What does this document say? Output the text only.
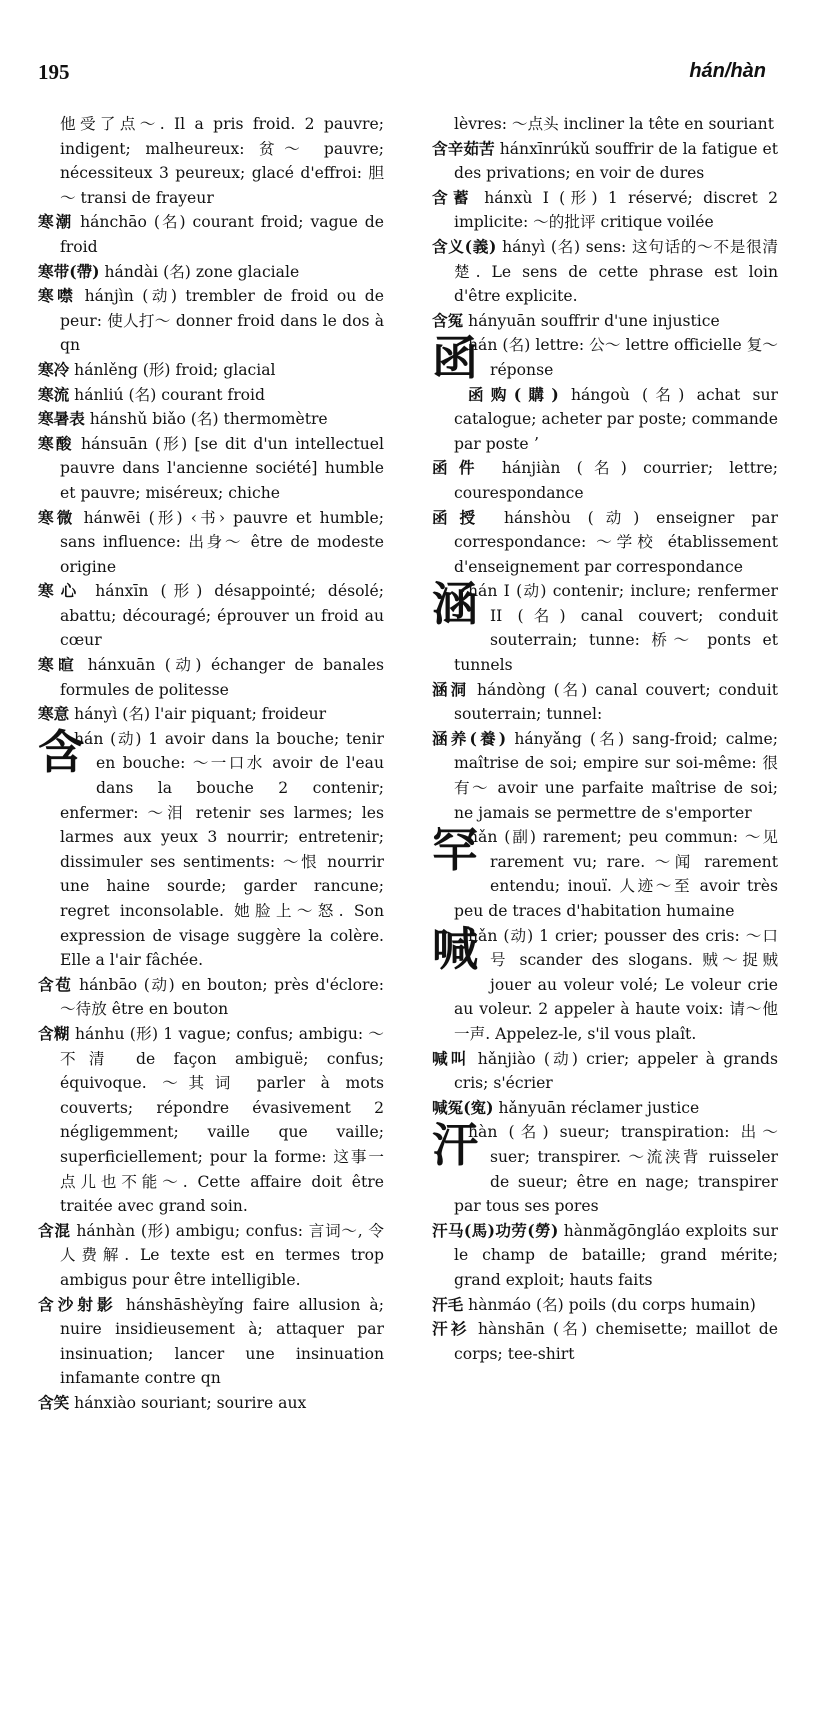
195	hán/hàn

他受了点～. Il a pris froid. 2 pauvre; indigent; malheureux: 贫～ pauvre; nécessiteux 3 peureux; glacé d'effroi: 胆～ transi de frayeur

寒潮 hánchāo (名) courant froid; vague de froid

寒带(帶) hándài (名) zone glaciale

寒噤 hánjìn (动) trembler de froid ou de peur: 使人打～ donner froid dans le dos à qn

寒冷 hánlěng (形) froid; glacial

寒流 hánliú (名) courant froid

寒暑表 hánshǔ biǎo (名) thermomètre

寒酸 hánsuān (形) [se dit d'un intellectuel pauvre dans l'ancienne société] humble et pauvre; miséreux; chiche

寒微 hánwēi (形) ‹书› pauvre et humble; sans influence: 出身～ être de modeste origine

寒心 hánxīn (形) désappointé; désolé; abattu; découragé; éprouver un froid au cœur

寒暄 hánxuān (动) échanger de banales formules de politesse

寒意 hányì (名) l'air piquant; froideur

含
hán (动) 1 avoir dans la bouche; tenir en bouche: ～一口水 avoir de l'eau dans la bouche 2 contenir; enfermer: ～泪 retenir ses larmes; les larmes aux yeux 3 nourrir; entretenir; dissimuler ses sentiments: ～恨 nourrir une haine sourde; garder rancune; regret inconsolable. 她脸上～怒. Son expression de visage suggère la colère. Elle a l'air fâchée.

含苞 hánbāo (动) en bouton; près d'éclore: ～待放 être en bouton

含糊 hánhu (形) 1 vague; confus; ambigu: ～不清 de façon ambiguë; confus; équivoque. ～其词 parler à mots couverts; répondre évasivement 2 négligemment; vaille que vaille; superficiellement; pour la forme: 这事一点儿也不能～. Cette affaire doit être traitée avec grand soin.

含混 hánhàn (形) ambigu; confus: 言词～, 令人费解. Le texte est en termes trop ambigus pour être intelligible.

含沙射影 hánshāshèyǐng faire allusion à; nuire insidieusement à; attaquer par insinuation; lancer une insinuation infamante contre qn

含笑 hánxiào souriant; sourire aux

lèvres: ～点头 incliner la tête en souriant

含辛茹苦 hánxīnrúkǔ souffrir de la fatigue et des privations; en voir de dures

含蓄 hánxù I (形) 1 réservé; discret 2 implicite: ～的批评 critique voilée

含义(義) hányì (名) sens: 这句话的～不是很清楚. Le sens de cette phrase est loin d'être explicite.

含冤 hányuān souffrir d'une injustice

函
hán (名) lettre: 公～ lettre officielle 复～ réponse

函购(購) hángoù (名) achat sur catalogue; acheter par poste; commande par poste ʼ

函件 hánjiàn (名) courrier; lettre; courespondance

函授 hánshòu (动) enseigner par correspondance: ～学校 établissement d'enseignement par correspondance

涵
hán I (动) contenir; inclure; renfermer II (名) canal couvert; conduit souterrain; tunne: 桥～ ponts et tunnels

涵洞 hándòng (名) canal couvert; conduit souterrain; tunnel:

涵养(養) hányǎng (名) sang-froid; calme; maîtrise de soi; empire sur soi-même: 很有～ avoir une parfaite maîtrise de soi; ne jamais se permettre de s'emporter

罕
hǎn (副) rarement; peu commun: ～见 rarement vu; rare. ～闻 rarement entendu; inouï. 人迹～至 avoir très peu de traces d'habitation humaine

喊
hǎn (动) 1 crier; pousser des cris: ～口号 scander des slogans. 贼～捉贼 jouer au voleur volé; Le voleur crie au voleur. 2 appeler à haute voix: 请～他一声. Appelez-le, s'il vous plaît.

喊叫 hǎnjiào (动) crier; appeler à grands cris; s'écrier

喊冤(寃) hǎnyuān réclamer justice

汗
hàn (名) sueur; transpiration: 出～ suer; transpirer. ～流浃背 ruisseler de sueur; être en nage; transpirer par tous ses pores

汗马(馬)功劳(勞) hànmǎgōngláo exploits sur le champ de bataille; grand mérite; grand exploit; hauts faits

汗毛 hànmáo (名) poils (du corps humain)

汗衫 hànshān (名) chemisette; maillot de corps; tee-shirt
